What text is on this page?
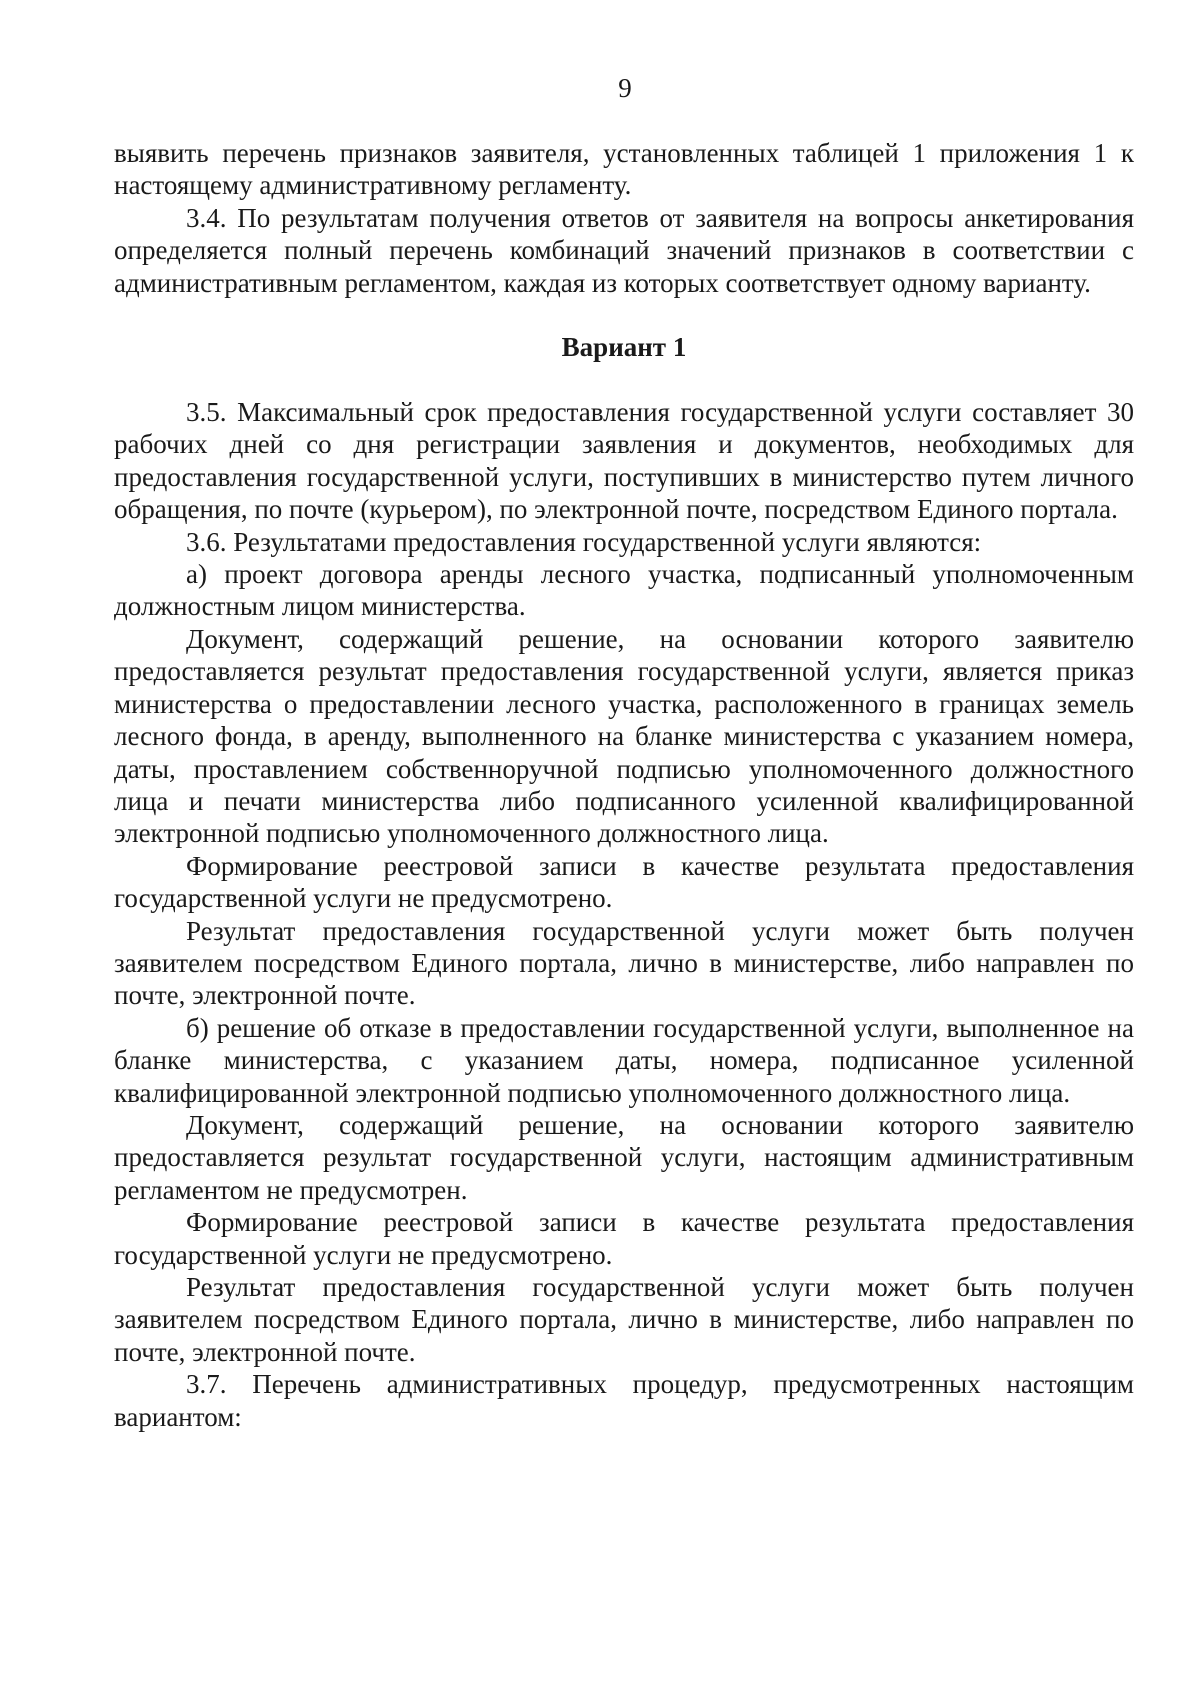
9

выявить перечень признаков заявителя, установленных таблицей 1 приложения 1 к настоящему административному регламенту.

3.4. По результатам получения ответов от заявителя на вопросы анкетирования определяется полный перечень комбинаций значений признаков в соответствии с административным регламентом, каждая из которых соответствует одному варианту.

Вариант 1

3.5. Максимальный срок предоставления государственной услуги составляет 30 рабочих дней со дня регистрации заявления и документов, необходимых для предоставления государственной услуги, поступивших в министерство путем личного обращения, по почте (курьером), по электронной почте, посредством Единого портала.

3.6. Результатами предоставления государственной услуги являются:

а) проект договора аренды лесного участка, подписанный уполномоченным должностным лицом министерства.

Документ, содержащий решение, на основании которого заявителю предоставляется результат предоставления государственной услуги, является приказ министерства о предоставлении лесного участка, расположенного в границах земель лесного фонда, в аренду, выполненного на бланке министерства с указанием номера, даты, проставлением собственноручной подписью уполномоченного должностного лица и печати министерства либо подписанного усиленной квалифицированной электронной подписью уполномоченного должностного лица.

Формирование реестровой записи в качестве результата предоставления государственной услуги не предусмотрено.

Результат предоставления государственной услуги может быть получен заявителем посредством Единого портала, лично в министерстве, либо направлен по почте, электронной почте.

б) решение об отказе в предоставлении государственной услуги, выполненное на бланке министерства, с указанием даты, номера, подписанное усиленной квалифицированной электронной подписью уполномоченного должностного лица.

Документ, содержащий решение, на основании которого заявителю предоставляется результат государственной услуги, настоящим административным регламентом не предусмотрен.

Формирование реестровой записи в качестве результата предоставления государственной услуги не предусмотрено.

Результат предоставления государственной услуги может быть получен заявителем посредством Единого портала, лично в министерстве, либо направлен по почте, электронной почте.

3.7. Перечень административных процедур, предусмотренных настоящим вариантом:
